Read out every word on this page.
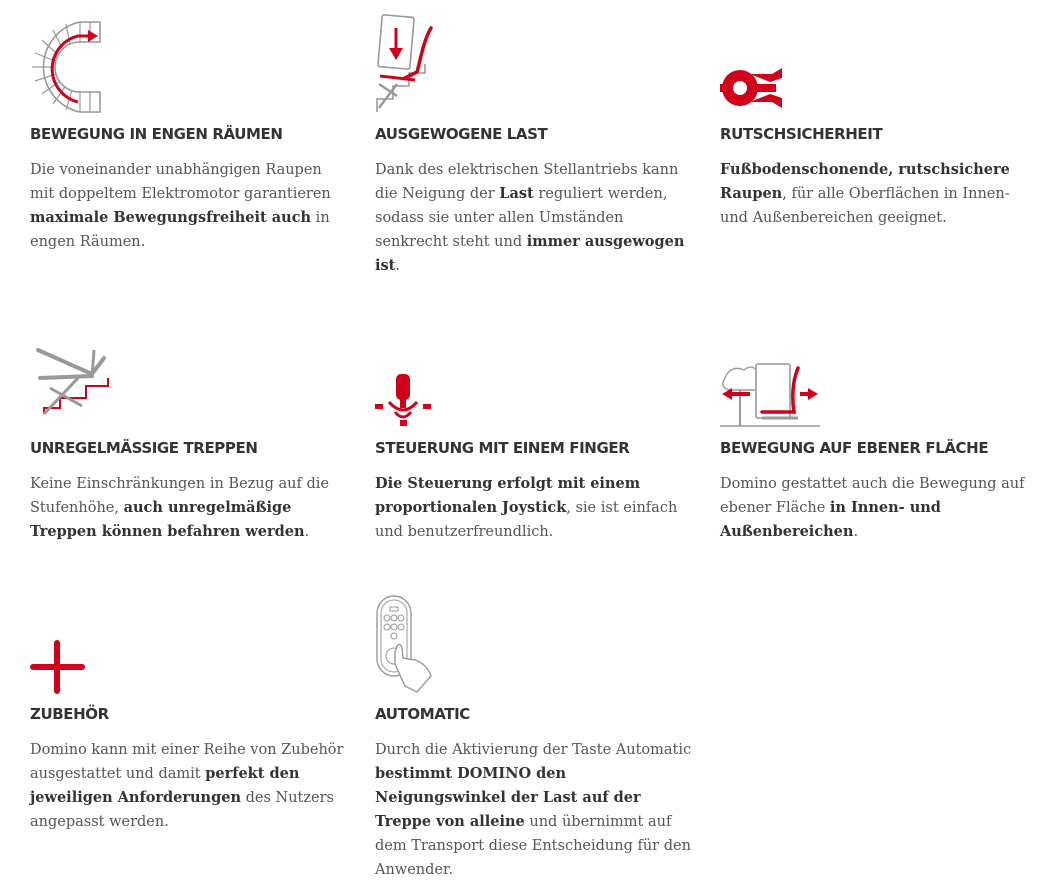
BEWEGUNG IN ENGEN RÄUMEN

Die voneinander unabhängigen Raupen mit doppeltem Elektromotor garantieren maximale Bewegungsfreiheit auch in engen Räumen.

AUSGEWOGENE LAST

Dank des elektrischen Stellantriebs kann die Neigung der Last reguliert werden, sodass sie unter allen Umständen senkrecht steht und immer ausgewogen ist.

RUTSCHSICHERHEIT

Fußbodenschonende, rutschsichere Raupen, für alle Oberflächen in Innen- und Außenbereichen geeignet.

UNREGELMÄSSIGE TREPPEN

Keine Einschränkungen in Bezug auf die Stufenhöhe, auch unregelmäßige Treppen können befahren werden.

STEUERUNG MIT EINEM FINGER

Die Steuerung erfolgt mit einem proportionalen Joystick, sie ist einfach und benutzerfreundlich.

BEWEGUNG AUF EBENER FLÄCHE

Domino gestattet auch die Bewegung auf ebener Fläche in Innen- und Außenbereichen.

ZUBEHÖR

Domino kann mit einer Reihe von Zubehör ausgestattet und damit perfekt den jeweiligen Anforderungen des Nutzers angepasst werden.

AUTOMATIC

Durch die Aktivierung der Taste Automatic bestimmt DOMINO den Neigungswinkel der Last auf der Treppe von alleine und übernimmt auf dem Transport diese Entscheidung für den Anwender.
